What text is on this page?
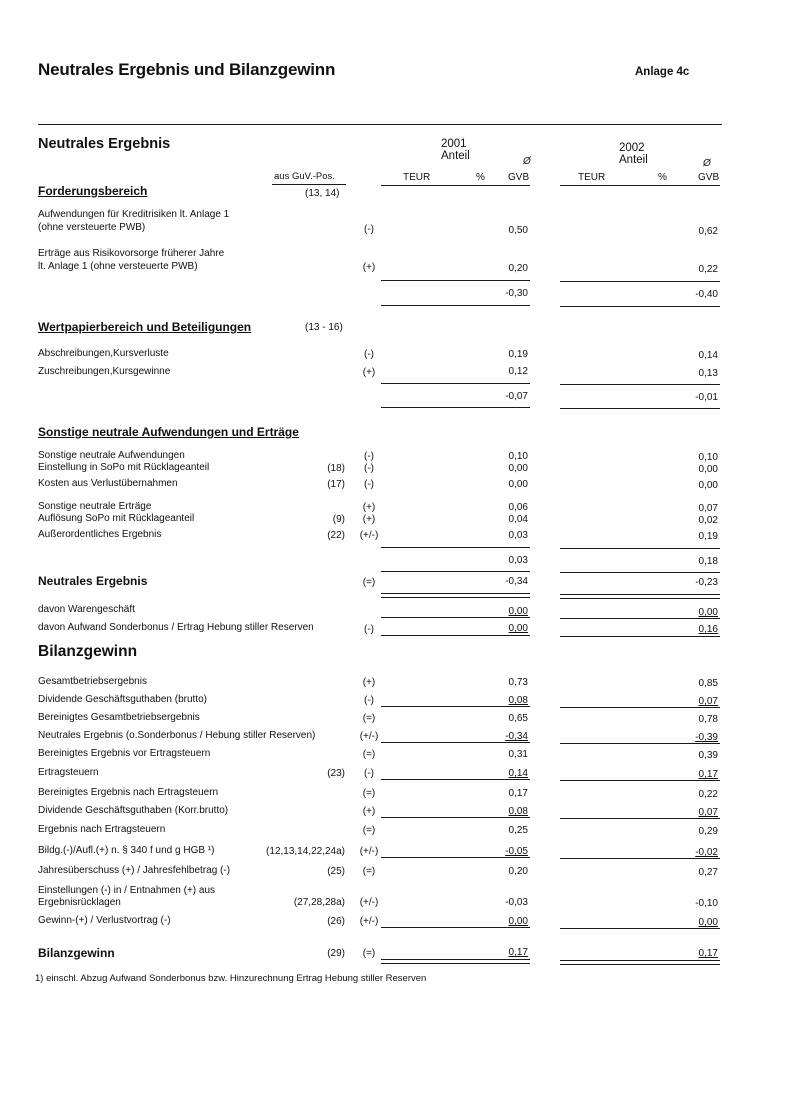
Neutrales Ergebnis und Bilanzgewinn	Anlage 4c
Neutrales Ergebnis	2001
Anteil	Ø
2002
Anteil	Ø
aus GuV.-Pos.	TEUR	% GVB	TEUR	%	GVB
Forderungsbereich	(13, 14)
Aufwendungen für Kreditrisiken lt. Anlage 1
(ohne versteuerte PWB)	(-)	0,50	0,62
Erträge aus Risikovorsorge früherer Jahre
lt. Anlage 1 (ohne versteuerte PWB)	(+)	0,20	0,22
-0,30	-0,40
Wertpapierbereich und Beteiligungen	(13 - 16)
Abschreibungen,Kursverluste	(-)	0,19	0,14
Zuschreibungen,Kursgewinne	(+)	0,12	0,13
-0,07	-0,01
Sonstige neutrale Aufwendungen und Erträge
Sonstige neutrale Aufwendungen	(-)	0,10	0,10
Einstellung in SoPo mit Rücklageanteil	(18)	(-)	0,00	0,00
Kosten aus Verlustübernahmen	(17)	(-)	0,00	0,00
Sonstige neutrale Erträge	(+)	0,06	0,07
Auflösung SoPo mit Rücklageanteil	(9)	(+)	0,04	0,02
Außerordentliches Ergebnis	(22)	(+/-)	0,03	0,19
0,03	0,18
Neutrales Ergebnis	(=)	-0,34	-0,23
davon Warengeschäft	0,00	0,00
davon Aufwand Sonderbonus / Ertrag Hebung stiller Reserven	(-)	0,00	0,16
Bilanzgewinn
Gesamtbetriebsergebnis	(+)	0,73	0,85
Dividende Geschäftsguthaben (brutto)	(-)	0,08	0,07
Bereinigtes Gesamtbetriebsergebnis	(=)	0,65	0,78
Neutrales Ergebnis (o.Sonderbonus / Hebung stiller Reserven)	(+/-)	-0,34	-0,39
Bereinigtes Ergebnis vor Ertragsteuern	(=)	0,31	0,39
Ertragsteuern	(23)	(-)	0,14	0,17
Bereinigtes Ergebnis nach Ertragsteuern	(=)	0,17	0,22
Dividende Geschäftsguthaben (Korr.brutto)	(+)	0,08	0,07
Ergebnis nach Ertragsteuern	(=)	0,25	0,29
Bildg.(-)/Aufl.(+) n. § 340 f und g HGB ¹)	(12,13,14,22,24a)	(+/-)	-0,05	-0,02
Jahresüberschuss (+) / Jahresfehlbetrag (-)	(25)	(=)	0,20	0,27
Einstellungen (-) in / Entnahmen (+) aus
Ergebnisrücklagen	(27,28,28a)	(+/-)	-0,03	-0,10
Gewinn-(+) / Verlustvortrag (-)	(26)	(+/-)	0,00	0,00
Bilanzgewinn	(29)	(=)	0,17	0,17
1) einschl. Abzug Aufwand Sonderbonus bzw. Hinzurechnung Ertrag Hebung stiller Reserven
